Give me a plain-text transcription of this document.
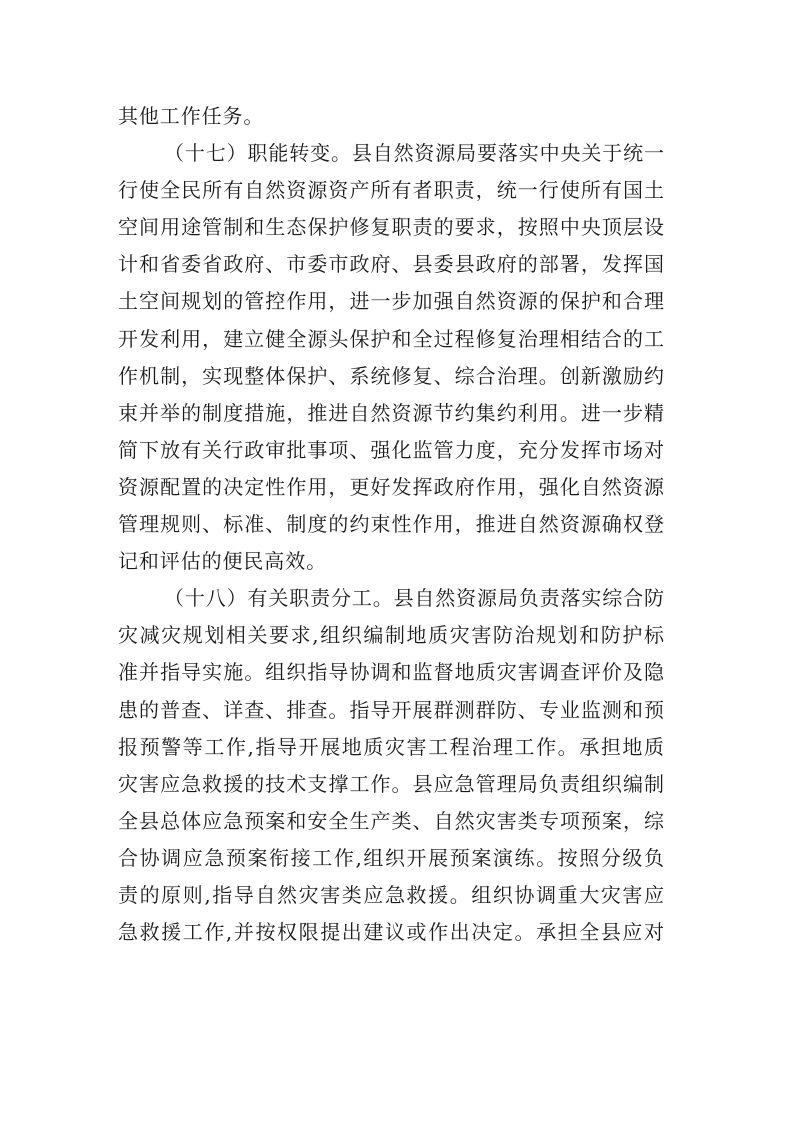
其他工作任务。
（十七）职能转变。县自然资源局要落实中央关于统一
行使全民所有自然资源资产所有者职责，统一行使所有国土
空间用途管制和生态保护修复职责的要求，按照中央顶层设
计和省委省政府、市委市政府、县委县政府的部署，发挥国
土空间规划的管控作用，进一步加强自然资源的保护和合理
开发利用，建立健全源头保护和全过程修复治理相结合的工
作机制，实现整体保护、系统修复、综合治理。创新激励约
束并举的制度措施，推进自然资源节约集约利用。进一步精
简下放有关行政审批事项、强化监管力度，充分发挥市场对
资源配置的决定性作用，更好发挥政府作用，强化自然资源
管理规则、标准、制度的约束性作用，推进自然资源确权登
记和评估的便民高效。
（十八）有关职责分工。县自然资源局负责落实综合防
灾减灾规划相关要求,组织编制地质灾害防治规划和防护标
准并指导实施。组织指导协调和监督地质灾害调查评价及隐
患的普查、详查、排查。指导开展群测群防、专业监测和预
报预警等工作,指导开展地质灾害工程治理工作。承担地质
灾害应急救援的技术支撑工作。县应急管理局负责组织编制
全县总体应急预案和安全生产类、自然灾害类专项预案，综
合协调应急预案衔接工作,组织开展预案演练。按照分级负
责的原则,指导自然灾害类应急救援。组织协调重大灾害应
急救援工作,并按权限提出建议或作出决定。承担全县应对
